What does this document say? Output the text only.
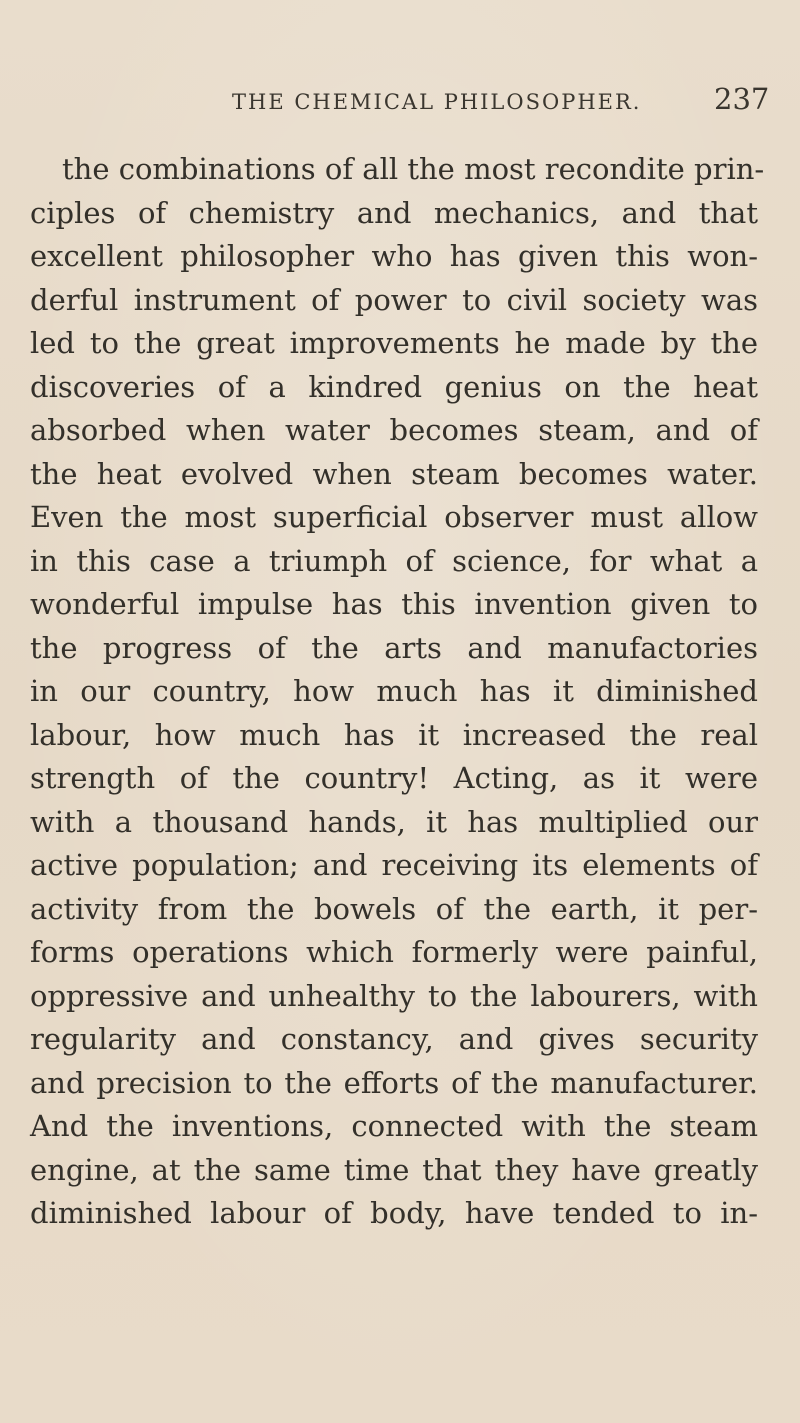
THE CHEMICAL PHILOSOPHER.	237
the combinations of all the most recondite prin-
ciples of chemistry and mechanics, and that
excellent philosopher who has given this won-
derful instrument of power to civil society was
led to the great improvements he made by the
discoveries of a kindred genius on the heat
absorbed when water becomes steam, and of
the heat evolved when steam becomes water.
Even the most superficial observer must allow
in this case a triumph of science, for what a
wonderful impulse has this invention given to
the progress of the arts and manufactories
in our country, how much has it diminished
labour, how much has it increased the real
strength of the country! Acting, as it were
with a thousand hands, it has multiplied our
active population; and receiving its elements of
activity from the bowels of the earth, it per-
forms operations which formerly were painful,
oppressive and unhealthy to the labourers, with
regularity and constancy, and gives security
and precision to the efforts of the manufacturer.
And the inventions, connected with the steam
engine, at the same time that they have greatly
diminished labour of body, have tended to in-
